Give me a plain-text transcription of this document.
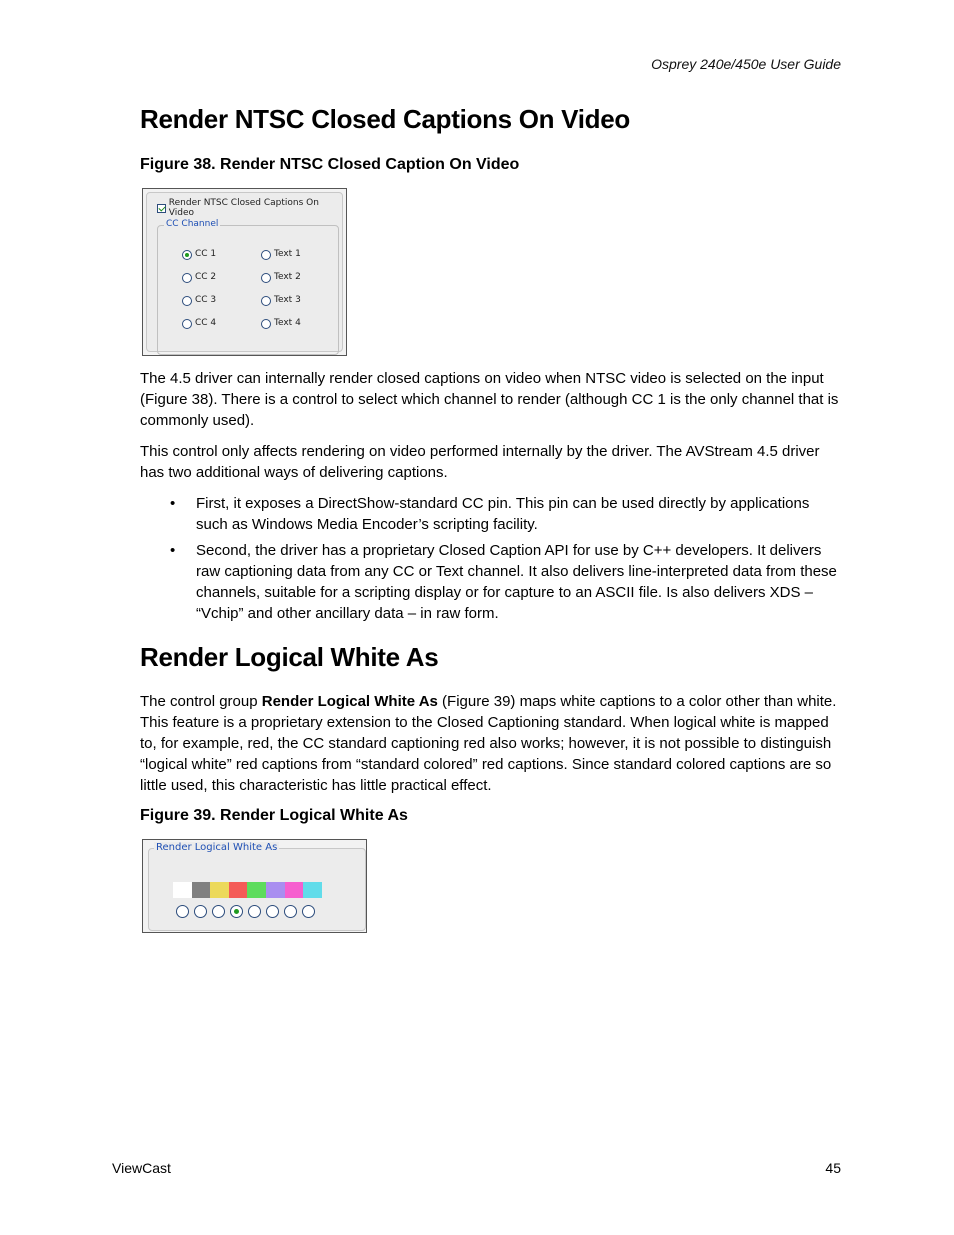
Osprey 240e/450e User Guide
Render NTSC Closed Captions On Video

Figure 38. Render NTSC Closed Caption On Video

Render NTSC Closed Captions On Video
CC Channel
CC 1
CC 2
CC 3
CC 4
Text 1
Text 2
Text 3
Text 4

The 4.5 driver can internally render closed captions on video when NTSC video is selected on the input (Figure 38). There is a control to select which channel to render (although CC 1 is the only channel that is commonly used).

This control only affects rendering on video performed internally by the driver. The AVStream 4.5 driver has two additional ways of delivering captions.

• First, it exposes a DirectShow-standard CC pin. This pin can be used directly by applications such as Windows Media Encoder’s scripting facility.
• Second, the driver has a proprietary Closed Caption API for use by C++ developers. It delivers raw captioning data from any CC or Text channel. It also delivers line-interpreted data from these channels, suitable for a scripting display or for capture to an ASCII file. Is also delivers XDS – “Vchip” and other ancillary data – in raw form.
Render Logical White As

The control group Render Logical White As (Figure 39) maps white captions to a color other than white. This feature is a proprietary extension to the Closed Captioning standard. When logical white is mapped to, for example, red, the CC standard captioning red also works; however, it is not possible to distinguish “logical white” red captions from “standard colored” red captions. Since standard colored captions are so little used, this characteristic has little practical effect.

Figure 39. Render Logical White As

Render Logical White As
ViewCast	45
